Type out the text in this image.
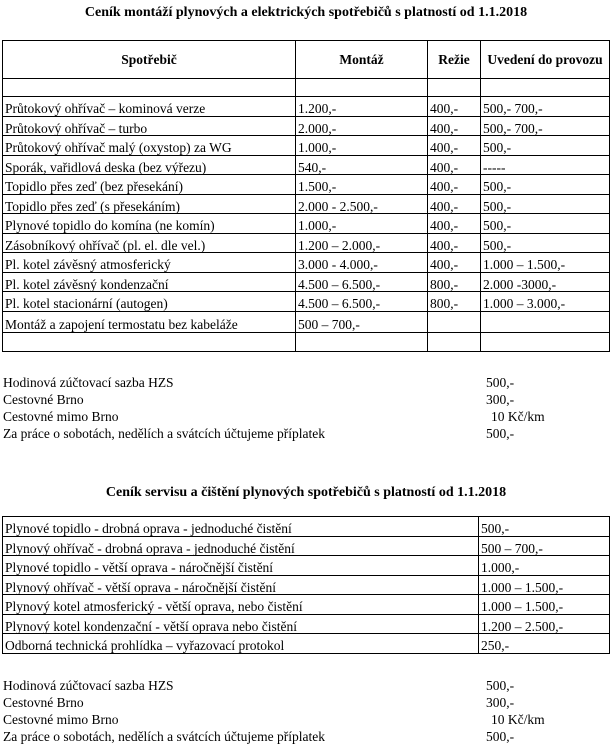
Ceník montáží plynových a elektrických spotřebičů s platností od 1.1.2018
Spotřebič	Montáž	Režie	Uvedení do provozu

Průtokový ohřívač – kominová verze	1.200,-	400,-	500,- 700,-
Průtokový ohřívač – turbo	2.000,-	400,-	500,- 700,-
Průtokový ohřívač malý (oxystop) za WG	1.000,-	400,-	500,-
Sporák, vařidlová deska (bez výřezu)	540,-	400,-	-----
Topidlo přes zeď (bez přesekání)	1.500,-	400,-	500,-
Topidlo přes zeď (s přesekáním)	2.000 - 2.500,-	400,-	500,-
Plynové topidlo do komína (ne komín)	1.000,-	400,-	500,-
Zásobníkový ohřívač (pl. el. dle vel.)	1.200 – 2.000,-	400,-	500,-
Pl. kotel závěsný atmosferický	3.000 - 4.000,-	400,-	1.000 – 1.500,-
Pl. kotel závěsný kondenzační	4.500 – 6.500,-	800,-	2.000 -3000,-
Pl. kotel stacionární (autogen)	4.500 – 6.500,-	800,-	1.000 – 3.000,-
Montáž a zapojení termostatu bez kabeláže	500 – 700,-		

Hodinová zúčtovací sazba HZS	500,-
Cestovné Brno	300,-
Cestovné mimo Brno	10 Kč/km
Za práce o sobotách, nedělích a svátcích účtujeme příplatek	500,-
Ceník servisu a čištění plynových spotřebičů s platností od 1.1.2018
Plynové topidlo - drobná oprava - jednoduché čistění	500,-
Plynový ohřívač - drobná oprava - jednoduché čistění	500 – 700,-
Plynové topidlo - větší oprava - náročnější čistění	1.000,-
Plynový ohřívač - větší oprava - náročnější čistění	1.000 – 1.500,-
Plynový kotel atmosferický - větší oprava, nebo čistění	1.000 – 1.500,-
Plynový kotel kondenzační - větší oprava nebo čistění	1.200 – 2.500,-
Odborná technická prohlídka – vyřazovací protokol	250,-
Hodinová zúčtovací sazba HZS	500,-
Cestovné Brno	300,-
Cestovné mimo Brno	10 Kč/km
Za práce o sobotách, nedělích a svátcích účtujeme příplatek	500,-
